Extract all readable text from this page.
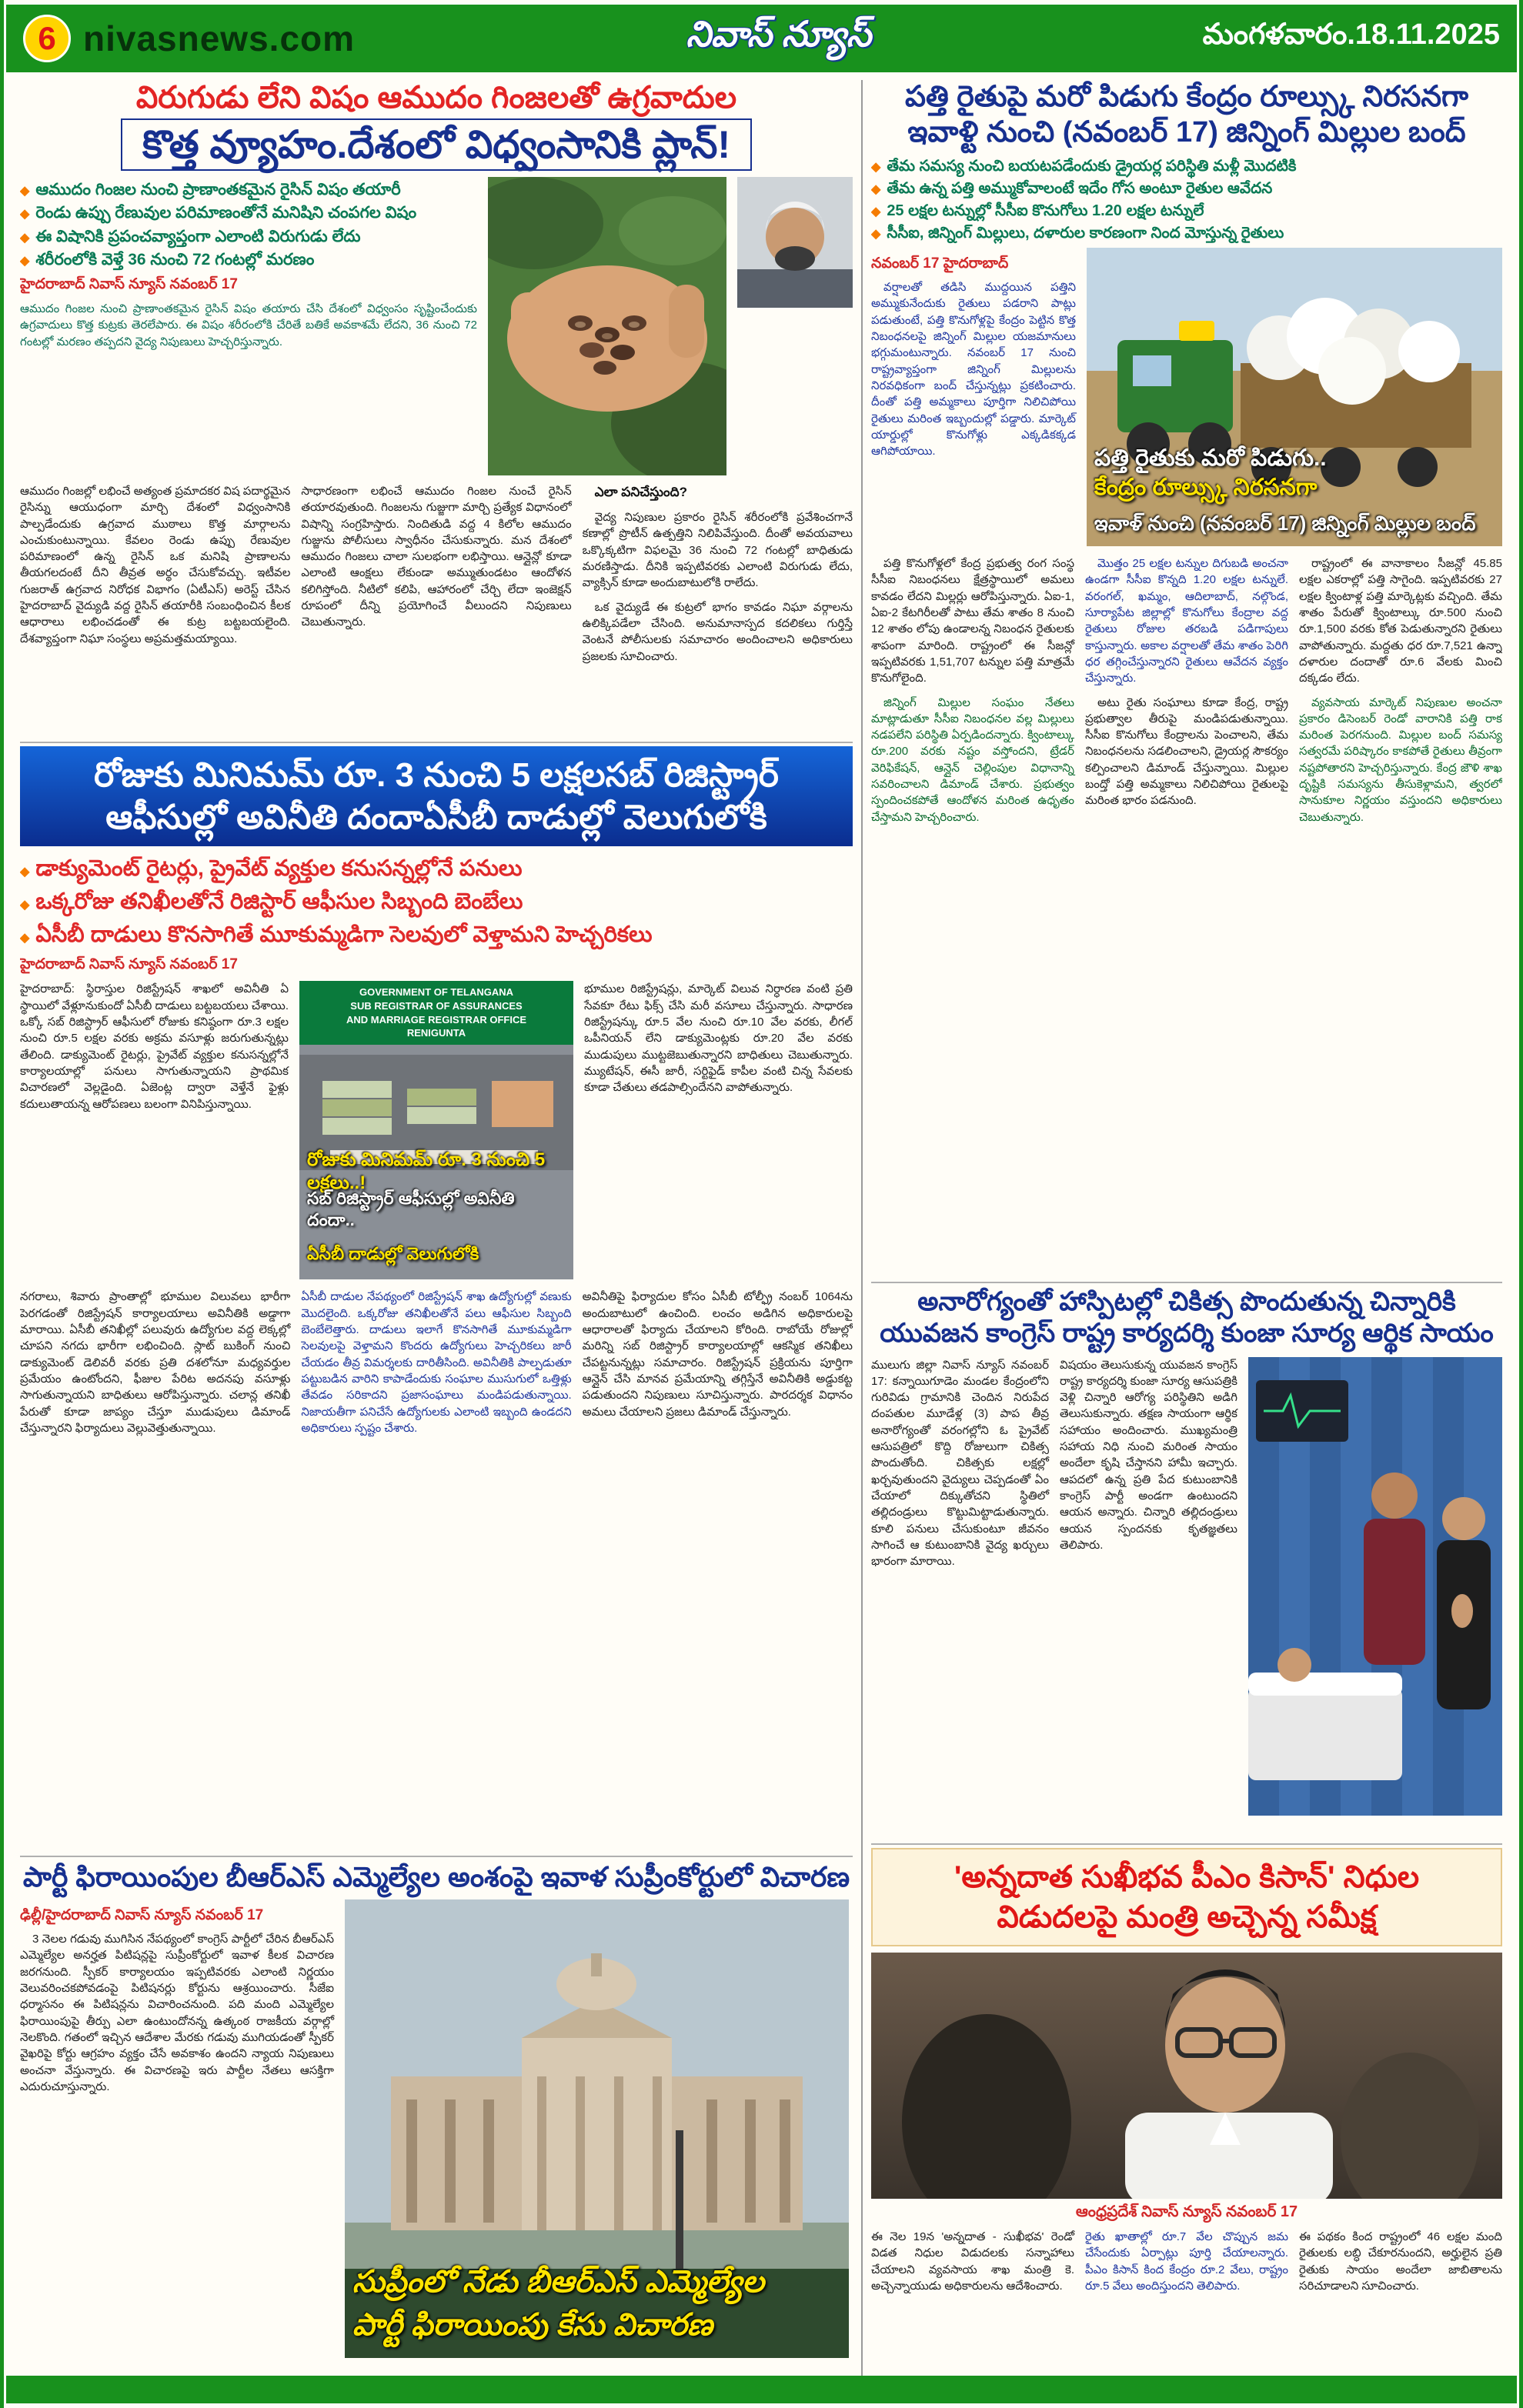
6 nivasnews.com	నివాస్ న్యూస్	మంగళవారం.18.11.2025
విరుగుడు లేని విషం ఆముదం గింజలతో ఉగ్రవాదుల
కొత్త వ్యూహం.దేశంలో విధ్వంసానికి ప్లాన్!
◆ ఆముదం గింజల నుంచి ప్రాణాంతకమైన రైసిన్ విషం తయారీ
◆ రెండు ఉప్పు రేణువుల పరిమాణంతోనే మనిషిని చంపగల విషం
◆ ఈ విషానికి ప్రపంచవ్యాప్తంగా ఎలాంటి విరుగుడు లేదు
◆ శరీరంలోకి వెళ్తే 36 నుంచి 72 గంటల్లో మరణం
హైదరాబాద్ నివాస్ న్యూస్ నవంబర్ 17
ఆముదం గింజల నుంచి ప్రాణాంతకమైన రైసిన్ విషం తయారు చేసి దేశంలో విధ్వంసం సృష్టించేందుకు ఉగ్రవాదులు కొత్త కుట్రకు తెరలేపారు. ఈ విషం శరీరంలోకి చేరితే బతికే అవకాశమే లేదని, 36 నుంచి 72 గంటల్లో మరణం తప్పదని వైద్య నిపుణులు హెచ్చరిస్తున్నారు.
ఆముదం గింజల్లో లభించే అత్యంత ప్రమాదకర విష పదార్థమైన రైసిన్ను ఆయుధంగా మార్చి దేశంలో విధ్వంసానికి పాల్పడేందుకు ఉగ్రవాద ముఠాలు కొత్త మార్గాలను ఎంచుకుంటున్నాయి. కేవలం రెండు ఉప్పు రేణువుల పరిమాణంలో ఉన్న రైసిన్ ఒక మనిషి ప్రాణాలను తీయగలదంటే దీని తీవ్రత అర్థం చేసుకోవచ్చు. ఇటీవల గుజరాత్ ఉగ్రవాద నిరోధక విభాగం (ఏటీఎస్) అరెస్ట్ చేసిన హైదరాబాద్ వైద్యుడి వద్ద రైసిన్ తయారీకి సంబంధించిన కీలక ఆధారాలు లభించడంతో ఈ కుట్ర బట్టబయలైంది. దేశవ్యాప్తంగా నిఘా సంస్థలు అప్రమత్తమయ్యాయి.
సాధారణంగా లభించే ఆముదం గింజల నుంచే రైసిన్ తయారవుతుంది. గింజలను గుజ్జుగా మార్చి ప్రత్యేక విధానంలో విషాన్ని సంగ్రహిస్తారు. నిందితుడి వద్ద 4 కిలోల ఆముదం గుజ్జును పోలీసులు స్వాధీనం చేసుకున్నారు. మన దేశంలో ఆముదం గింజలు చాలా సులభంగా లభిస్తాయి. ఆన్లైన్లో కూడా ఎలాంటి ఆంక్షలు లేకుండా అమ్ముతుండటం ఆందోళన కలిగిస్తోంది. నీటిలో కలిపి, ఆహారంలో చేర్చి లేదా ఇంజెక్షన్ రూపంలో దీన్ని ప్రయోగించే వీలుందని నిపుణులు చెబుతున్నారు.

ఎలా పనిచేస్తుంది?

వైద్య నిపుణుల ప్రకారం రైసిన్ శరీరంలోకి ప్రవేశించగానే కణాల్లో ప్రొటీన్ ఉత్పత్తిని నిలిపివేస్తుంది. దీంతో అవయవాలు ఒక్కొక్కటిగా విఫలమై 36 నుంచి 72 గంటల్లో బాధితుడు మరణిస్తాడు. దీనికి ఇప్పటివరకు ఎలాంటి విరుగుడు లేదు, వ్యాక్సిన్ కూడా అందుబాటులోకి రాలేదు.

ఒక వైద్యుడే ఈ కుట్రలో భాగం కావడం నిఘా వర్గాలను ఉలిక్కిపడేలా చేసింది. అనుమానాస్పద కదలికలు గుర్తిస్తే వెంటనే పోలీసులకు సమాచారం అందించాలని అధికారులు ప్రజలకు సూచించారు.

పత్తి రైతుపై మరో పిడుగు కేంద్రం రూల్స్కు నిరసనగా
ఇవాళ్టి నుంచి (నవంబర్ 17) జిన్నింగ్ మిల్లుల బంద్
◆ తేమ సమస్య నుంచి బయటపడేందుకు డ్రైయర్ల పరిస్థితి మళ్లీ మొదటికి
◆ తేమ ఉన్న పత్తి అమ్ముకోవాలంటే ఇదేం గోస అంటూ రైతుల ఆవేదన
◆ 25 లక్షల టన్నుల్లో సీసీఐ కొనుగోలు 1.20 లక్షల టన్నులే
◆ సీసీఐ, జిన్నింగ్ మిల్లులు, దళారుల కారణంగా నింద మోస్తున్న రైతులు
నవంబర్ 17 హైదరాబాద్

వర్షాలతో తడిసి ముద్దయిన పత్తిని అమ్ముకునేందుకు రైతులు పడరాని పాట్లు పడుతుంటే, పత్తి కొనుగోళ్లపై కేంద్రం పెట్టిన కొత్త నిబంధనలపై జిన్నింగ్ మిల్లుల యజమానులు భగ్గుమంటున్నారు. నవంబర్ 17 నుంచి రాష్ట్రవ్యాప్తంగా జిన్నింగ్ మిల్లులను నిరవధికంగా బంద్ చేస్తున్నట్లు ప్రకటించారు. దీంతో పత్తి అమ్మకాలు పూర్తిగా నిలిచిపోయి రైతులు మరింత ఇబ్బందుల్లో పడ్డారు. మార్కెట్ యార్డుల్లో కొనుగోళ్లు ఎక్కడికక్కడ ఆగిపోయాయి.	పత్తి రైతుకు మరో పిడుగు..
కేంద్రం రూల్స్కు నిరసనగా
ఇవాళ్ నుంచి (నవంబర్ 17) జిన్నింగ్ మిల్లుల బంద్

పత్తి కొనుగోళ్లలో కేంద్ర ప్రభుత్వ రంగ సంస్థ సీసీఐ నిబంధనలు క్షేత్రస్థాయిలో అమలు కావడం లేదని మిల్లర్లు ఆరోపిస్తున్నారు. ఏఐ-1, ఏఐ-2 కేటగిరీలతో పాటు తేమ శాతం 8 నుంచి 12 శాతం లోపు ఉండాలన్న నిబంధన రైతులకు శాపంగా మారింది. రాష్ట్రంలో ఈ సీజన్లో ఇప్పటివరకు 1,51,707 టన్నుల పత్తి మాత్రమే కొనుగోలైంది.

జిన్నింగ్ మిల్లుల సంఘం నేతలు మాట్లాడుతూ సీసీఐ నిబంధనల వల్ల మిల్లులు నడపలేని పరిస్థితి ఏర్పడిందన్నారు. క్వింటాల్కు రూ.200 వరకు నష్టం వస్తోందని, ట్రేడర్ వెరిఫికేషన్, ఆన్లైన్ చెల్లింపుల విధానాన్ని సవరించాలని డిమాండ్ చేశారు. ప్రభుత్వం స్పందించకపోతే ఆందోళన మరింత ఉధృతం చేస్తామని హెచ్చరించారు.

మొత్తం 25 లక్షల టన్నుల దిగుబడి అంచనా ఉండగా సీసీఐ కొన్నది 1.20 లక్షల టన్నులే. వరంగల్, ఖమ్మం, ఆదిలాబాద్, నల్గొండ, సూర్యాపేట జిల్లాల్లో కొనుగోలు కేంద్రాల వద్ద రైతులు రోజుల తరబడి పడిగాపులు కాస్తున్నారు. అకాల వర్షాలతో తేమ శాతం పెరిగి ధర తగ్గించేస్తున్నారని రైతులు ఆవేదన వ్యక్తం చేస్తున్నారు.

అటు రైతు సంఘాలు కూడా కేంద్ర, రాష్ట్ర ప్రభుత్వాల తీరుపై మండిపడుతున్నాయి. సీసీఐ కొనుగోలు కేంద్రాలను పెంచాలని, తేమ నిబంధనలను సడలించాలని, డ్రైయర్ల సౌకర్యం కల్పించాలని డిమాండ్ చేస్తున్నాయి. మిల్లుల బంద్తో పత్తి అమ్మకాలు నిలిచిపోయి రైతులపై మరింత భారం పడనుంది.

రాష్ట్రంలో ఈ వానాకాలం సీజన్లో 45.85 లక్షల ఎకరాల్లో పత్తి సాగైంది. ఇప్పటివరకు 27 లక్షల క్వింటాళ్ల పత్తి మార్కెట్లకు వచ్చింది. తేమ శాతం పేరుతో క్వింటాల్కు రూ.500 నుంచి రూ.1,500 వరకు కోత పెడుతున్నారని రైతులు వాపోతున్నారు. మద్దతు ధర రూ.7,521 ఉన్నా దళారుల దందాతో రూ.6 వేలకు మించి దక్కడం లేదు.

వ్యవసాయ మార్కెట్ నిపుణుల అంచనా ప్రకారం డిసెంబర్ రెండో వారానికి పత్తి రాక మరింత పెరగనుంది. మిల్లుల బంద్ సమస్య సత్వరమే పరిష్కారం కాకపోతే రైతులు తీవ్రంగా నష్టపోతారని హెచ్చరిస్తున్నారు. కేంద్ర జౌళి శాఖ దృష్టికి సమస్యను తీసుకెళ్లామని, త్వరలో సానుకూల నిర్ణయం వస్తుందని అధికారులు చెబుతున్నారు.

రోజుకు మినిమమ్ రూ. 3 నుంచి 5 లక్షలసబ్ రిజిస్ట్రార్
ఆఫీసుల్లో అవినీతి దందాఏసీబీ దాడుల్లో వెలుగులోకి
◆ డాక్యుమెంట్ రైటర్లు, ప్రైవేట్ వ్యక్తుల కనుసన్నల్లోనే పనులు
◆ ఒక్కరోజు తనిఖీలతోనే రిజిస్టార్ ఆఫీసుల సిబ్బంది బెంబేలు
◆ ఏసీబీ దాడులు కొనసాగితే మూకుమ్మడిగా సెలవులో వెళ్తామని హెచ్చరికలు
హైదరాబాద్ నివాస్ న్యూస్ నవంబర్ 17
హైదరాబాద్: స్థిరాస్తుల రిజిస్ట్రేషన్ శాఖలో అవినీతి ఏ స్థాయిలో వేళ్లూనుకుందో ఏసీబీ దాడులు బట్టబయలు చేశాయి. ఒక్కో సబ్ రిజిస్ట్రార్ ఆఫీసులో రోజుకు కనిష్ఠంగా రూ.3 లక్షల నుంచి రూ.5 లక్షల వరకు అక్రమ వసూళ్లు జరుగుతున్నట్లు తేలింది. డాక్యుమెంట్ రైటర్లు, ప్రైవేట్ వ్యక్తుల కనుసన్నల్లోనే కార్యాలయాల్లో పనులు సాగుతున్నాయని ప్రాథమిక విచారణలో వెల్లడైంది. ఏజెంట్ల ద్వారా వెళ్తేనే ఫైళ్లు కదులుతాయన్న ఆరోపణలు బలంగా వినిపిస్తున్నాయి.
GOVERNMENT OF TELANGANA
SUB REGISTRAR OF ASSURANCES
AND MARRIAGE REGISTRAR OFFICE
RENIGUNTA
రోజుకు మినిమమ్ రూ. 3 నుంచి 5 లక్షలు..!
సబ్ రిజిస్ట్రార్ ఆఫీసుల్లో అవినీతి దందా..
ఏసీబీ దాడుల్లో వెలుగులోకి
భూముల రిజిస్ట్రేషన్లు, మార్కెట్ విలువ నిర్ధారణ వంటి ప్రతి సేవకూ రేటు ఫిక్స్ చేసి మరీ వసూలు చేస్తున్నారు. సాధారణ రిజిస్ట్రేషన్కు రూ.5 వేల నుంచి రూ.10 వేల వరకు, లీగల్ ఒపీనియన్ లేని డాక్యుమెంట్లకు రూ.20 వేల వరకు ముడుపులు ముట్టజెబుతున్నారని బాధితులు చెబుతున్నారు. మ్యుటేషన్, ఈసీ జారీ, సర్టిఫైడ్ కాపీల వంటి చిన్న సేవలకు కూడా చేతులు తడపాల్సిందేనని వాపోతున్నారు.
నగరాలు, శివారు ప్రాంతాల్లో భూముల విలువలు భారీగా పెరగడంతో రిజిస్ట్రేషన్ కార్యాలయాలు అవినీతికి అడ్డాగా మారాయి. ఏసీబీ తనిఖీల్లో పలువురు ఉద్యోగుల వద్ద లెక్కల్లో చూపని నగదు భారీగా లభించింది. స్లాట్ బుకింగ్ నుంచి డాక్యుమెంట్ డెలివరీ వరకు ప్రతి దశలోనూ మధ్యవర్తుల ప్రమేయం ఉంటోందని, ఫీజుల పేరిట అదనపు వసూళ్లు సాగుతున్నాయని బాధితులు ఆరోపిస్తున్నారు. చలాన్ల తనిఖీ పేరుతో కూడా జాప్యం చేస్తూ ముడుపులు డిమాండ్ చేస్తున్నారని ఫిర్యాదులు వెల్లువెత్తుతున్నాయి.
ఏసీబీ దాడుల నేపథ్యంలో రిజిస్ట్రేషన్ శాఖ ఉద్యోగుల్లో వణుకు మొదలైంది. ఒక్కరోజు తనిఖీలతోనే పలు ఆఫీసుల సిబ్బంది బెంబేలెత్తారు. దాడులు ఇలాగే కొనసాగితే మూకుమ్మడిగా సెలవులపై వెళ్తామని కొందరు ఉద్యోగులు హెచ్చరికలు జారీ చేయడం తీవ్ర విమర్శలకు దారితీసింది. అవినీతికి పాల్పడుతూ పట్టుబడిన వారిని కాపాడేందుకు సంఘాల ముసుగులో ఒత్తిళ్లు తేవడం సరికాదని ప్రజాసంఘాలు మండిపడుతున్నాయి. నిజాయతీగా పనిచేసే ఉద్యోగులకు ఎలాంటి ఇబ్బంది ఉండదని అధికారులు స్పష్టం చేశారు.
అవినీతిపై ఫిర్యాదుల కోసం ఏసీబీ టోల్ఫ్రీ నంబర్ 1064ను అందుబాటులో ఉంచింది. లంచం అడిగిన అధికారులపై ఆధారాలతో ఫిర్యాదు చేయాలని కోరింది. రాబోయే రోజుల్లో మరిన్ని సబ్ రిజిస్ట్రార్ కార్యాలయాల్లో ఆకస్మిక తనిఖీలు చేపట్టనున్నట్లు సమాచారం. రిజిస్ట్రేషన్ ప్రక్రియను పూర్తిగా ఆన్లైన్ చేసి మానవ ప్రమేయాన్ని తగ్గిస్తేనే అవినీతికి అడ్డుకట్ట పడుతుందని నిపుణులు సూచిస్తున్నారు. పారదర్శక విధానం అమలు చేయాలని ప్రజలు డిమాండ్ చేస్తున్నారు.
అనారోగ్యంతో హాస్పిటల్లో చికిత్స పొందుతున్న చిన్నారికి
యువజన కాంగ్రెస్ రాష్ట్ర కార్యదర్శి కుంజా సూర్య ఆర్థిక సాయం
ములుగు జిల్లా నివాస్ న్యూస్ నవంబర్ 17: కన్నాయిగూడెం మండల కేంద్రంలోని గురివిడు గ్రామానికి చెందిన నిరుపేద దంపతుల మూడేళ్ల (3) పాప తీవ్ర అనారోగ్యంతో వరంగల్లోని ఓ ప్రైవేట్ ఆసుపత్రిలో కొద్ది రోజులుగా చికిత్స పొందుతోంది. చికిత్సకు లక్షల్లో ఖర్చవుతుందని వైద్యులు చెప్పడంతో ఏం చేయాలో దిక్కుతోచని స్థితిలో తల్లిదండ్రులు కొట్టుమిట్టాడుతున్నారు. కూలి పనులు చేసుకుంటూ జీవనం సాగించే ఆ కుటుంబానికి వైద్య ఖర్చులు భారంగా మారాయి.
విషయం తెలుసుకున్న యువజన కాంగ్రెస్ రాష్ట్ర కార్యదర్శి కుంజా సూర్య ఆసుపత్రికి వెళ్లి చిన్నారి ఆరోగ్య పరిస్థితిని అడిగి తెలుసుకున్నారు. తక్షణ సాయంగా ఆర్థిక సహాయం అందించారు. ముఖ్యమంత్రి సహాయ నిధి నుంచి మరింత సాయం అందేలా కృషి చేస్తానని హామీ ఇచ్చారు. ఆపదలో ఉన్న ప్రతి పేద కుటుంబానికి కాంగ్రెస్ పార్టీ అండగా ఉంటుందని ఆయన అన్నారు. చిన్నారి తల్లిదండ్రులు ఆయన స్పందనకు కృతజ్ఞతలు తెలిపారు.
పార్టీ ఫిరాయింపుల బీఆర్ఎస్ ఎమ్మెల్యేల అంశంపై ఇవాళ సుప్రీంకోర్టులో విచారణ
ఢిల్లీ/హైదరాబాద్ నివాస్ న్యూస్ నవంబర్ 17

3 నెలల గడువు ముగిసిన నేపథ్యంలో కాంగ్రెస్ పార్టీలో చేరిన బీఆర్ఎస్ ఎమ్మెల్యేల అనర్హత పిటిషన్లపై సుప్రీంకోర్టులో ఇవాళ కీలక విచారణ జరగనుంది. స్పీకర్ కార్యాలయం ఇప్పటివరకు ఎలాంటి నిర్ణయం వెలువరించకపోవడంపై పిటిషనర్లు కోర్టును ఆశ్రయించారు. సీజేఐ ధర్మాసనం ఈ పిటిషన్లను విచారించనుంది. పది మంది ఎమ్మెల్యేల ఫిరాయింపుపై తీర్పు ఎలా ఉంటుందోనన్న ఉత్కంఠ రాజకీయ వర్గాల్లో నెలకొంది. గతంలో ఇచ్చిన ఆదేశాల మేరకు గడువు ముగియడంతో స్పీకర్ వైఖరిపై కోర్టు ఆగ్రహం వ్యక్తం చేసే అవకాశం ఉందని న్యాయ నిపుణులు అంచనా వేస్తున్నారు. ఈ విచారణపై ఇరు పార్టీల నేతలు ఆసక్తిగా ఎదురుచూస్తున్నారు.

సుప్రీంలో నేడు బీఆర్ఎస్ ఎమ్మెల్యేల
పార్టీ ఫిరాయింపు కేసు విచారణ
'అన్నదాత సుఖీభవ పీఎం కిసాన్' నిధుల
విడుదలపై మంత్రి అచ్చెన్న సమీక్ష
ఆంధ్రప్రదేశ్ నివాస్ న్యూస్ నవంబర్ 17
ఈ నెల 19న 'అన్నదాత - సుఖీభవ' రెండో విడత నిధుల విడుదలకు సన్నాహాలు చేయాలని వ్యవసాయ శాఖ మంత్రి కె. అచ్చెన్నాయుడు అధికారులను ఆదేశించారు.
రైతు ఖాతాల్లో రూ.7 వేల చొప్పున జమ చేసేందుకు ఏర్పాట్లు పూర్తి చేయాలన్నారు. పీఎం కిసాన్ కింద కేంద్రం రూ.2 వేలు, రాష్ట్రం రూ.5 వేలు అందిస్తుందని తెలిపారు.
ఈ పథకం కింద రాష్ట్రంలో 46 లక్షల మంది రైతులకు లబ్ధి చేకూరనుందని, అర్హులైన ప్రతి రైతుకు సాయం అందేలా జాబితాలను సరిచూడాలని సూచించారు.
